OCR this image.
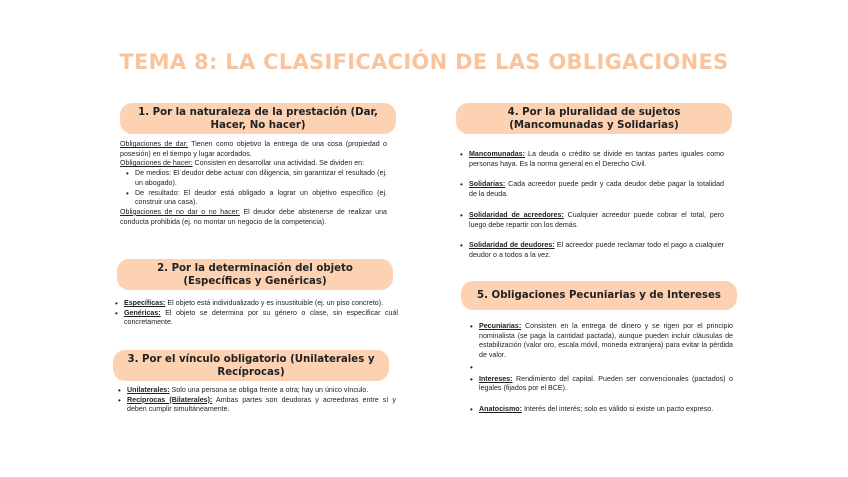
TEMA 8: LA CLASIFICACIÓN DE LAS OBLIGACIONES
1. Por la naturaleza de la prestación (Dar, Hacer, No hacer)

Obligaciones de dar: Tienen como objetivo la entrega de una cosa (propiedad o posesión) en el tiempo y lugar acordados.

Obligaciones de hacer: Consisten en desarrollar una actividad. Se dividen en:

• De medios: El deudor debe actuar con diligencia, sin garantizar el resultado (ej. un abogado).
• De resultado: El deudor está obligado a lograr un objetivo específico (ej. construir una casa).

Obligaciones de no dar o no hacer: El deudor debe abstenerse de realizar una conducta prohibida (ej. no montar un negocio de la competencia).

2. Por la determinación del objeto (Específicas y Genéricas)
• Específicas: El objeto está individualizado y es insustituible (ej. un piso concreto).
• Genéricas: El objeto se determina por su género o clase, sin especificar cuál concretamente.
3. Por el vínculo obligatorio (Unilaterales y Recíprocas)
• Unilaterales: Solo una persona se obliga frente a otra; hay un único vínculo.
• Recíprocas (Bilaterales): Ambas partes son deudoras y acreedoras entre sí y deben cumplir simultáneamente.
4. Por la pluralidad de sujetos (Mancomunadas y Solidarias)
• Mancomunadas: La deuda o crédito se divide en tantas partes iguales como personas haya. Es la norma general en el Derecho Civil.
• Solidarias: Cada acreedor puede pedir y cada deudor debe pagar la totalidad de la deuda.
• Solidaridad de acreedores: Cualquier acreedor puede cobrar el total, pero luego debe repartir con los demás.
• Solidaridad de deudores: El acreedor puede reclamar todo el pago a cualquier deudor o a todos a la vez.
5. Obligaciones Pecuniarias y de Intereses
• Pecuniarias: Consisten en la entrega de dinero y se rigen por el principio nominalista (se paga la cantidad pactada), aunque pueden incluir cláusulas de estabilización (valor oro, escala móvil, moneda extranjera) para evitar la pérdida de valor.
•
• Intereses: Rendimiento del capital. Pueden ser convencionales (pactados) o legales (fijados por el BCE).
• Anatocismo: Interés del interés; solo es válido si existe un pacto expreso.
